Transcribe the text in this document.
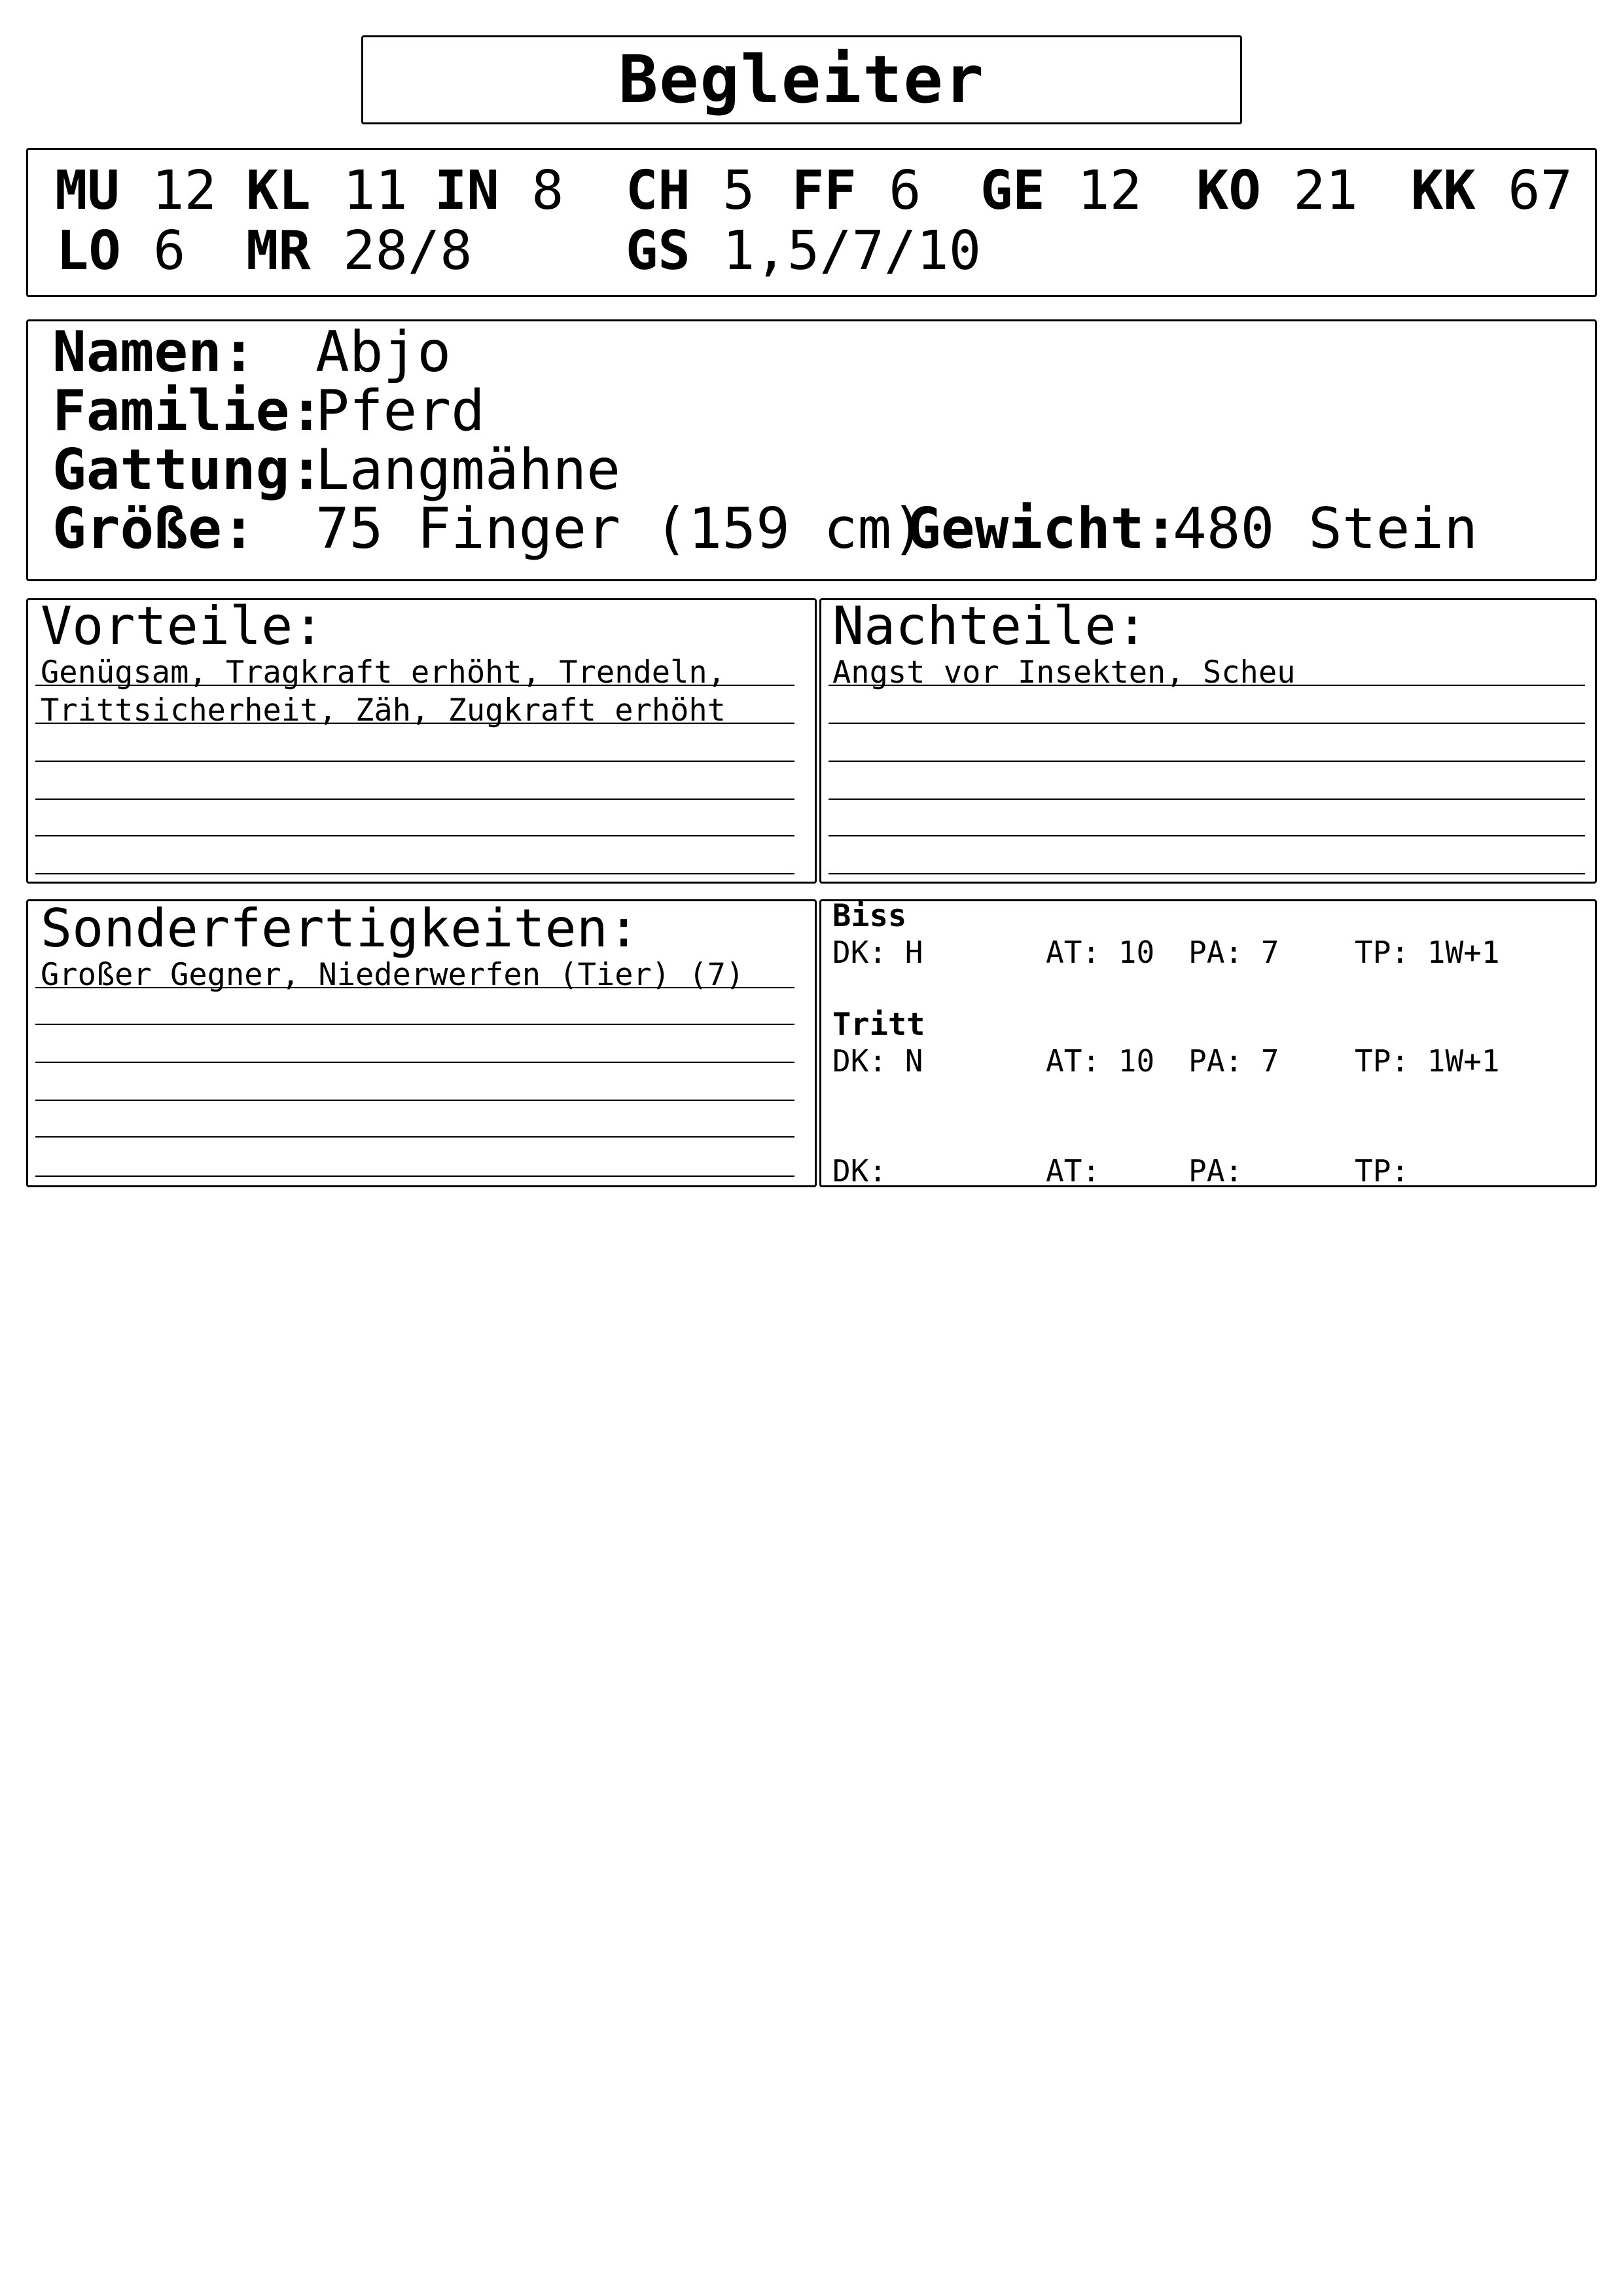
Begleiter
MU 12 KL 11 IN 8 CH 5 FF 6 GE 12 KO 21 KK 67
LO 6 MR 28/8	GS 1,5/7/10
Namen: Abjo
Familie:
Pferd
Gattung:
Langmähne
Größe: 75 Finger (159 cm)
Gewicht:
480 Stein
Vorteile:
Genügsam, Tragkraft erhöht, Trendeln,
Trittsicherheit, Zäh, Zugkraft erhöht
Nachteile:
Angst vor Insekten, Scheu
Sonderfertigkeiten:
Großer Gegner, Niederwerfen (Tier) (7)
Biss
DK: H	AT: 10 PA: 7	TP: 1W+1
Tritt
DK: N	AT: 10 PA: 7	TP: 1W+1
DK:	AT:	PA:	TP:
